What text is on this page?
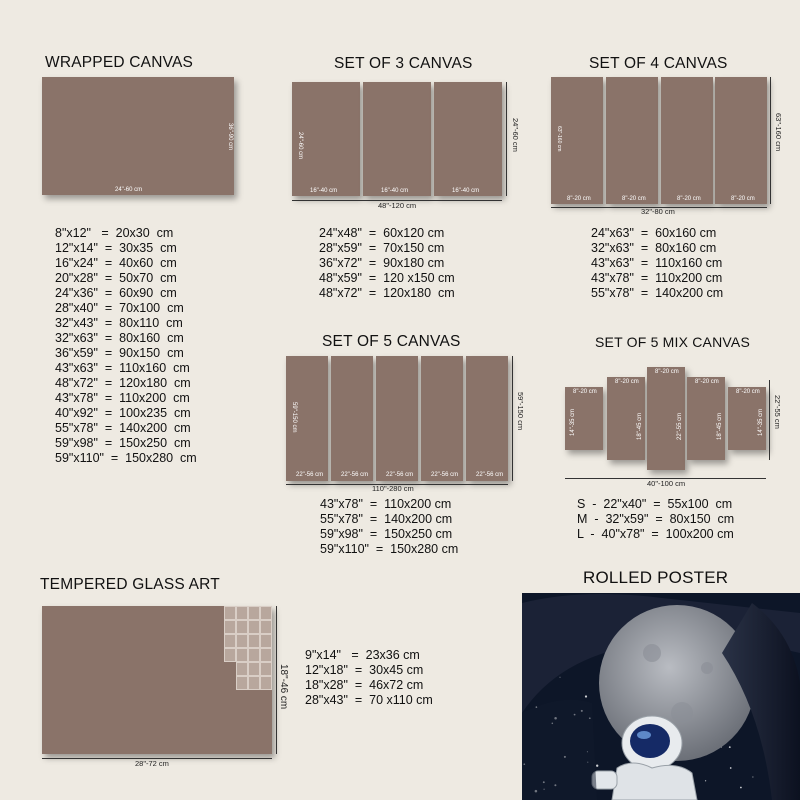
WRAPPED CANVAS
24"-60 cm
36"-90 cm
8"x12"   =  20x30  cm
12"x14"  =  30x35  cm
16"x24"  =  40x60  cm
20"x28"  =  50x70  cm
24"x36"  =  60x90  cm
28"x40"  =  70x100  cm
32"x43"  =  80x110  cm
32"x63"  =  80x160  cm
36"x59"  =  90x150  cm
43"x63"  =  110x160  cm
48"x72"  =  120x180  cm
43"x78"  =  110x200  cm
40"x92"  =  100x235  cm
55"x78"  =  140x200  cm
59"x98"  =  150x250  cm
59"x110"  =  150x280  cm
SET OF 3 CANVAS
16"-40 cm	16"-40 cm	16"-40 cm
24"-60 cm
48"-120 cm
24"-60 cm
24"x48"  =  60x120 cm
28"x59"  =  70x150 cm
36"x72"  =  90x180 cm
48"x59"  =  120 x150 cm
48"x72"  =  120x180  cm
SET OF 4 CANVAS
8"-20 cm	8"-20 cm	8"-20 cm	8"-20 cm
63"-160 cm
32"-80 cm
63"-160 cm
24"x63"  =  60x160 cm
32"x63"  =  80x160 cm
43"x63"  =  110x160 cm
43"x78"  =  110x200 cm
55"x78"  =  140x200 cm
SET OF 5 CANVAS
22"-56 cm	22"-56 cm	22"-56 cm	22"-56 cm	22"-56 cm
59"-150 cm
110"-280 cm
59"-150 cm
43"x78"  =  110x200 cm
55"x78"  =  140x200 cm
59"x98"  =  150x250 cm
59"x110"  =  150x280 cm
SET OF 5 MIX CANVAS
8"-20 cm
8"-20 cm
8"-20 cm
8"-20 cm
8"-20 cm
14"-35 cm	18"-45 cm	22"-55 cm	18"-45 cm	14"-35 cm
40"-100 cm
22"-55 cm
S  -  22"x40"  =  55x100  cm
M  -  32"x59"  =  80x150  cm
L  -  40"x78"  =  100x200 cm
TEMPERED GLASS ART
28"-72 cm
18"-46 cm
9"x14"   =  23x36 cm
12"x18"  =  30x45 cm
18"x28"  =  46x72 cm
28"x43"  =  70 x110 cm
ROLLED POSTER
